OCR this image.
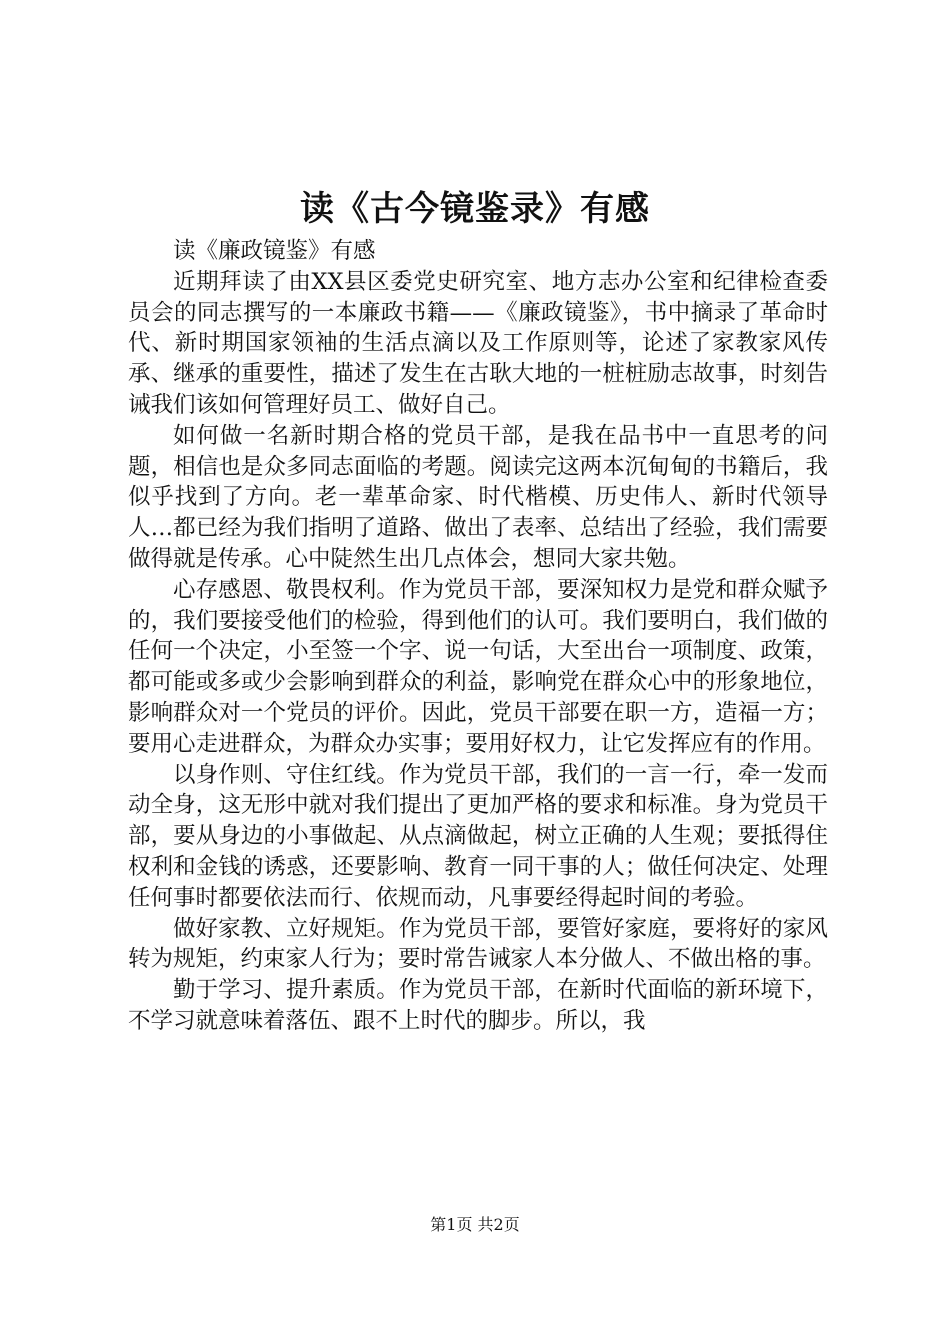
读《古今镜鉴录》有感

读《廉政镜鉴》有感

近期拜读了由XX县区委党史研究室、地方志办公室和纪律检查委员会的同志撰写的一本廉政书籍——《廉政镜鉴》，书中摘录了革命时代、新时期国家领袖的生活点滴以及工作原则等，论述了家教家风传承、继承的重要性，描述了发生在古耿大地的一桩桩励志故事，时刻告诫我们该如何管理好员工、做好自己。

如何做一名新时期合格的党员干部，是我在品书中一直思考的问题，相信也是众多同志面临的考题。阅读完这两本沉甸甸的书籍后，我似乎找到了方向。老一辈革命家、时代楷模、历史伟人、新时代领导人…都已经为我们指明了道路、做出了表率、总结出了经验，我们需要做得就是传承。心中陡然生出几点体会，想同大家共勉。

心存感恩、敬畏权利。作为党员干部，要深知权力是党和群众赋予的，我们要接受他们的检验，得到他们的认可。我们要明白，我们做的任何一个决定，小至签一个字、说一句话，大至出台一项制度、政策，都可能或多或少会影响到群众的利益，影响党在群众心中的形象地位，影响群众对一个党员的评价。因此，党员干部要在职一方，造福一方；要用心走进群众，为群众办实事；要用好权力，让它发挥应有的作用。

以身作则、守住红线。作为党员干部，我们的一言一行，牵一发而动全身，这无形中就对我们提出了更加严格的要求和标准。身为党员干部，要从身边的小事做起、从点滴做起，树立正确的人生观；要抵得住权利和金钱的诱惑，还要影响、教育一同干事的人；做任何决定、处理任何事时都要依法而行、依规而动，凡事要经得起时间的考验。

做好家教、立好规矩。作为党员干部，要管好家庭，要将好的家风转为规矩，约束家人行为；要时常告诫家人本分做人、不做出格的事。

勤于学习、提升素质。作为党员干部，在新时代面临的新环境下，不学习就意味着落伍、跟不上时代的脚步。所以，我

第1页 共2页
